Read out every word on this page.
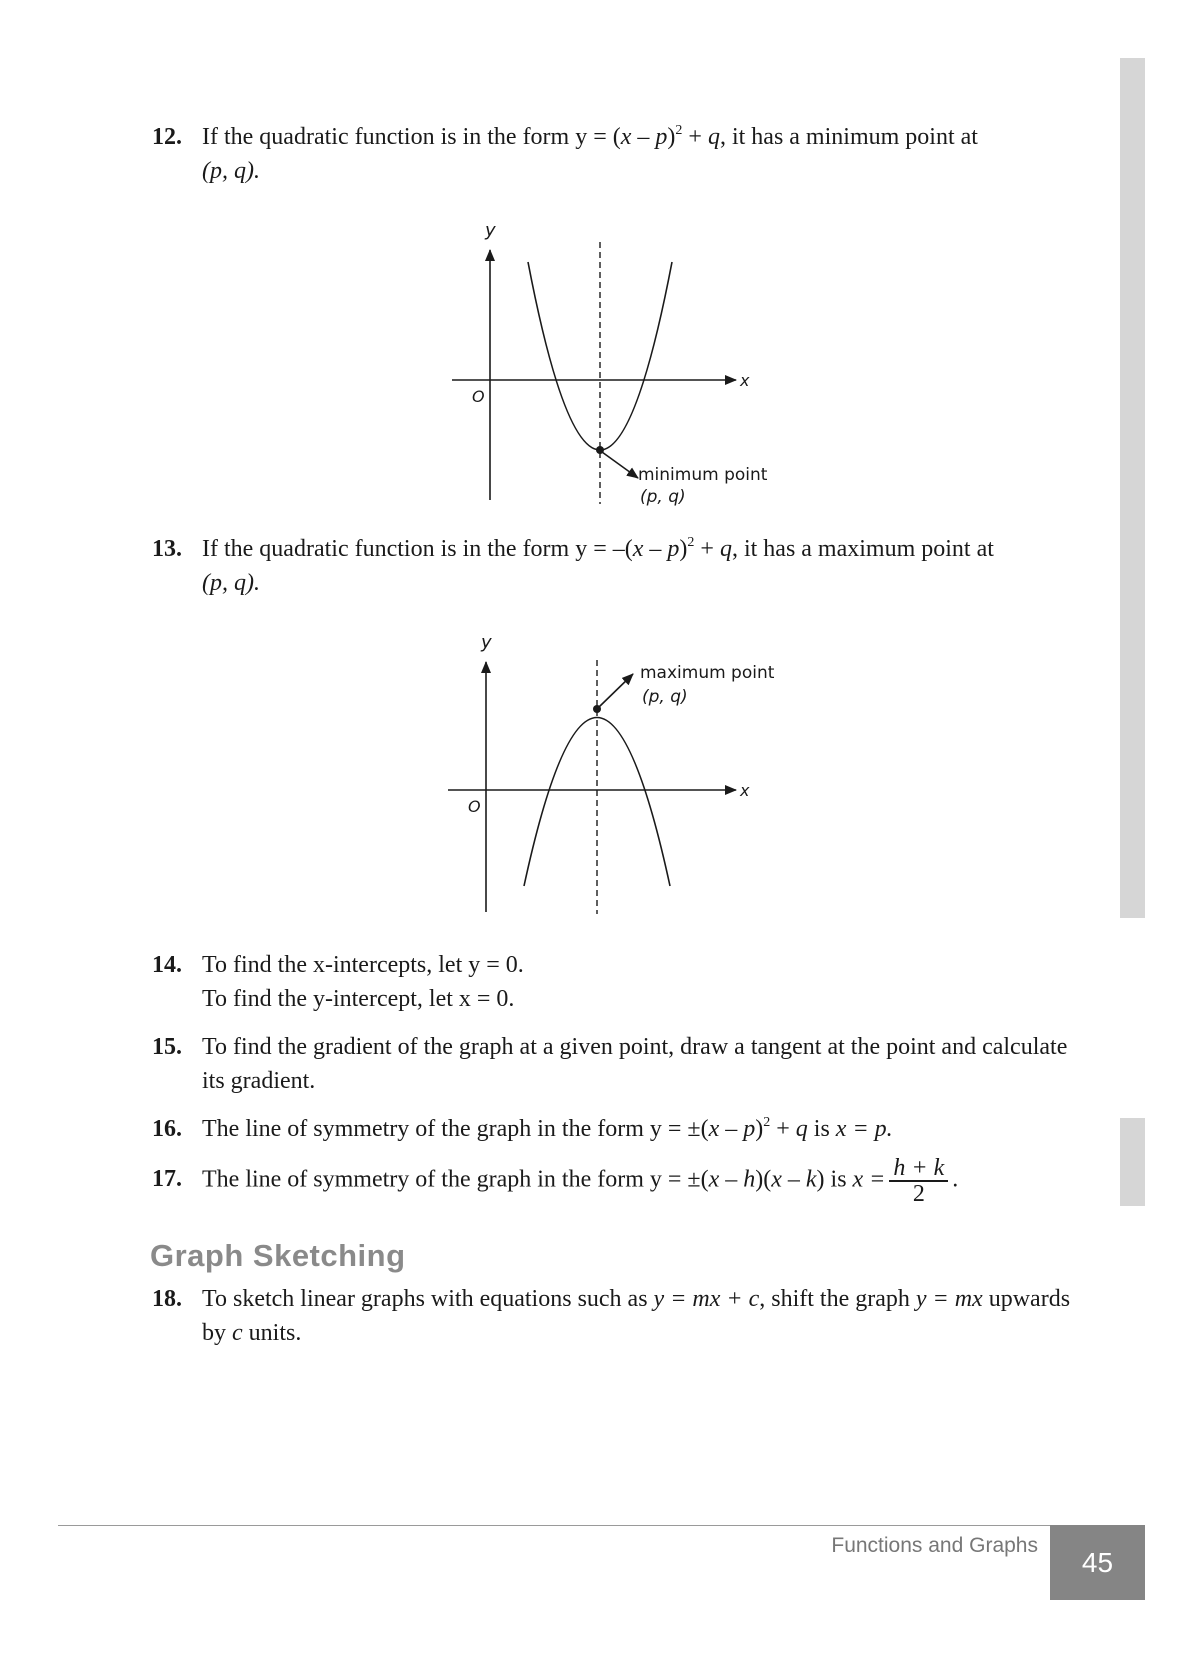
12. If the quadratic function is in the form y = (x – p)$^2$ + q, it has a minimum point at
(p, q).
y
x
O
minimum point
(p, q)
13. If the quadratic function is in the form y = –(x – p)$^2$ + q, it has a maximum point at
(p, q).
y
x
O
maximum point
(p, q)
14. To find the x-intercepts, let y = 0.
To find the y-intercept, let x = 0.
15. To find the gradient of the graph at a given point, draw a tangent at the point and calculate its gradient.
16. The line of symmetry of the graph in the form y = ±(x – p)$^2$ + q is x = p.
17. The line of symmetry of the graph in the form y = ±(x – h)(x – k) is $x = \frac{h + k}{2}$ .
Graph Sketching
18. To sketch linear graphs with equations such as y = mx + c, shift the graph y = mx upwards by c units.
Functions and Graphs
45
